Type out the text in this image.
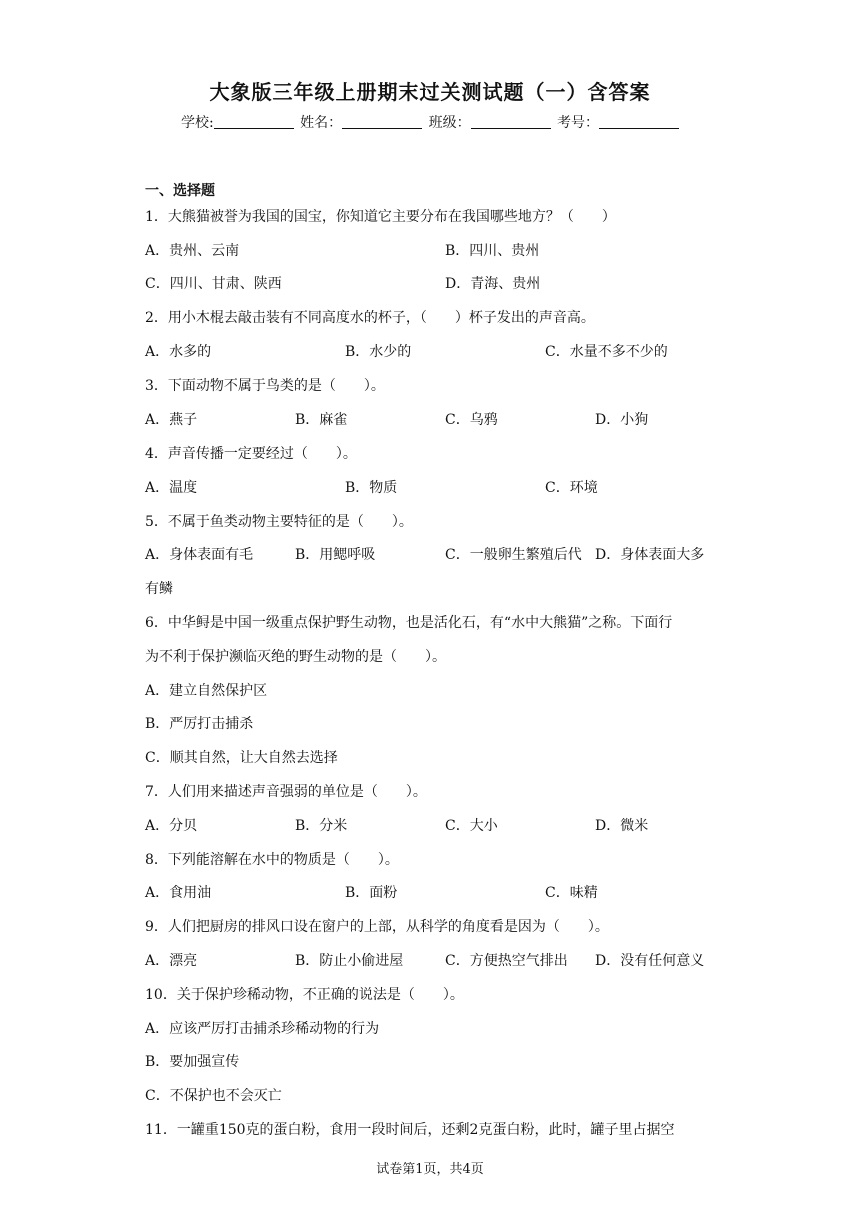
大象版三年级上册期末过关测试题（一）含答案
学校:	姓名：	班级：	考号：
一、选择题
1．大熊猫被誉为我国的国宝，你知道它主要分布在我国哪些地方？（　　）
A．贵州、云南	B．四川、贵州
C．四川、甘肃、陕西	D．青海、贵州
2．用小木棍去敲击装有不同高度水的杯子，（　　）杯子发出的声音高。
A．水多的	B．水少的	C．水量不多不少的
3．下面动物不属于鸟类的是（　　）。
A．燕子	B．麻雀	C．乌鸦	D．小狗
4．声音传播一定要经过（　　）。
A．温度	B．物质	C．环境
5．不属于鱼类动物主要特征的是（　　）。
A．身体表面有毛	B．用鳃呼吸	C．一般卵生繁殖后代 D．身体表面大多
有鳞
6．中华鲟是中国一级重点保护野生动物，也是活化石，有“水中大熊猫”之称。下面行
为不利于保护濒临灭绝的野生动物的是（　　）。
A．建立自然保护区
B．严厉打击捕杀
C．顺其自然，让大自然去选择
7．人们用来描述声音强弱的单位是（　　）。
A．分贝	B．分米	C．大小	D．微米
8．下列能溶解在水中的物质是（　　）。
A．食用油	B．面粉	C．味精
9．人们把厨房的排风口设在窗户的上部，从科学的角度看是因为（　　）。
A．漂亮	B．防止小偷进屋	C．方便热空气排出 D．没有任何意义
10．关于保护珍稀动物，不正确的说法是（　　）。
A．应该严厉打击捕杀珍稀动物的行为
B．要加强宣传
C．不保护也不会灭亡
11．一罐重150克的蛋白粉，食用一段时间后，还剩2克蛋白粉，此时，罐子里占据空
试卷第1页，共4页
